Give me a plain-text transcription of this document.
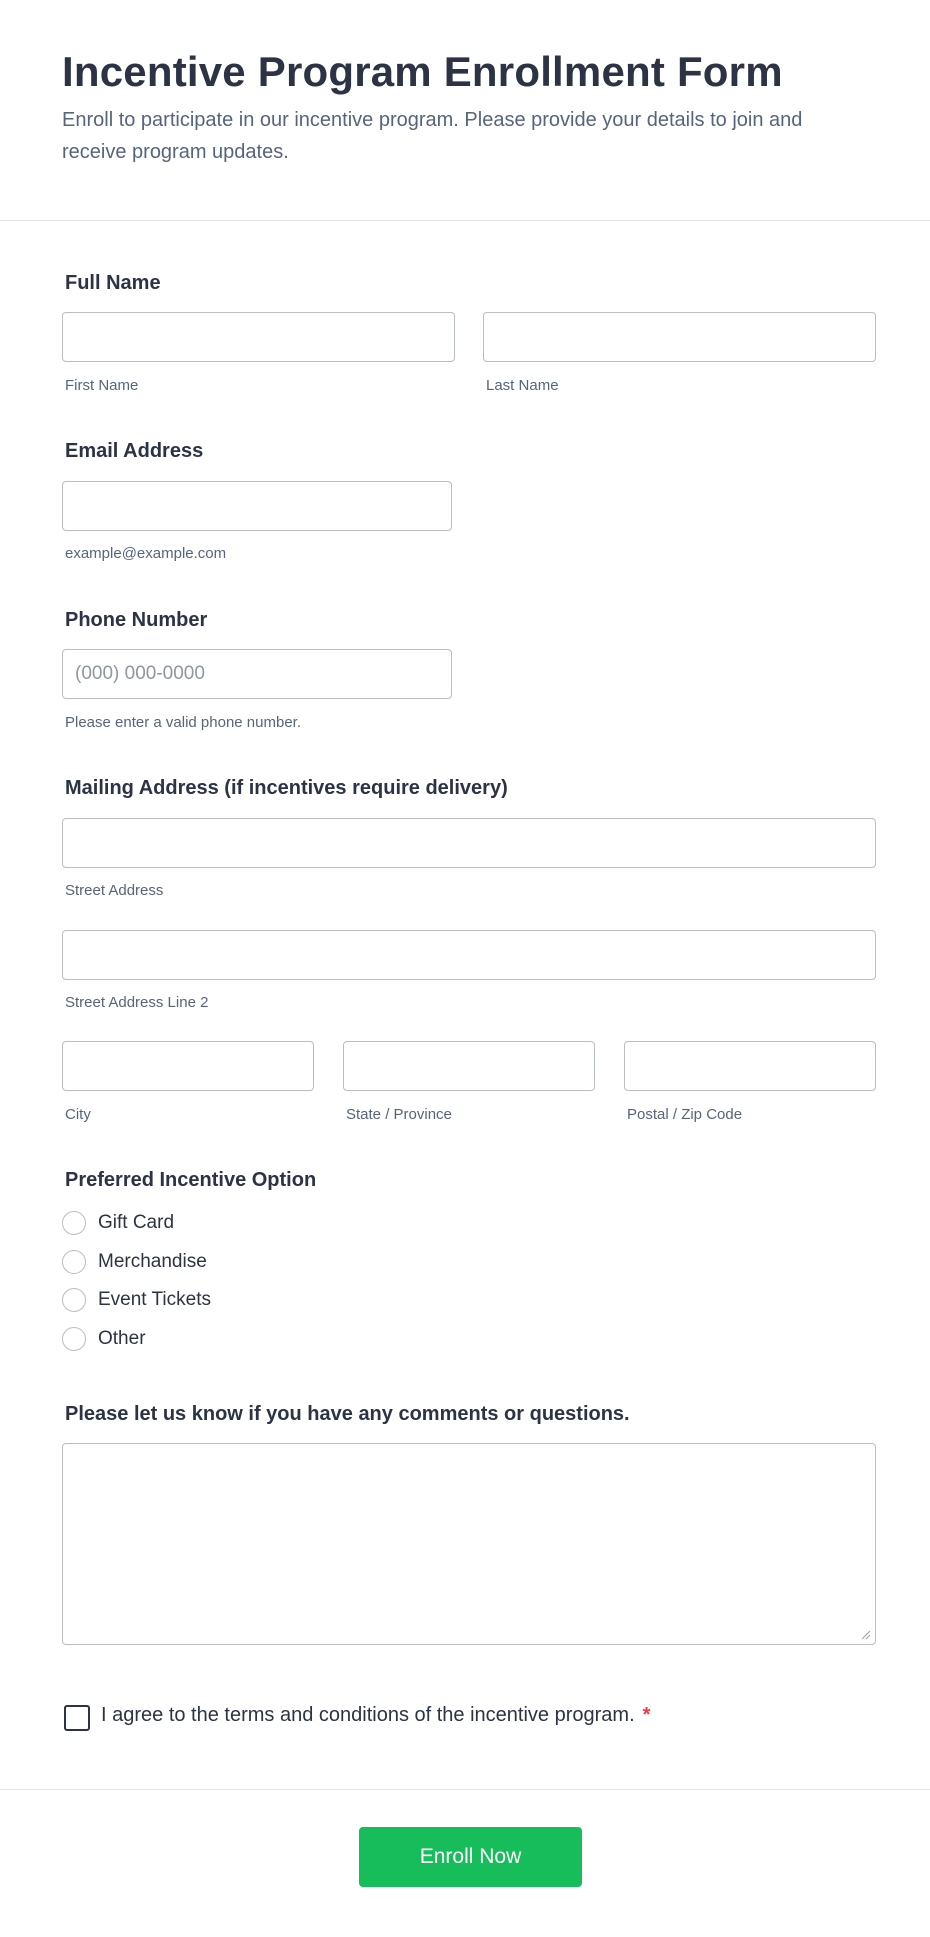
Incentive Program Enrollment Form

Enroll to participate in our incentive program. Please provide your details to join and receive program updates.

Full Name
First Name	Last Name
Email Address
example@example.com
Phone Number
(000) 000-0000
Please enter a valid phone number.
Mailing Address (if incentives require delivery)
Street Address
Street Address Line 2
City	State / Province	Postal / Zip Code
Preferred Incentive Option
Gift Card
Merchandise
Event Tickets
Other
Please let us know if you have any comments or questions.
I agree to the terms and conditions of the incentive program. *
Enroll Now
